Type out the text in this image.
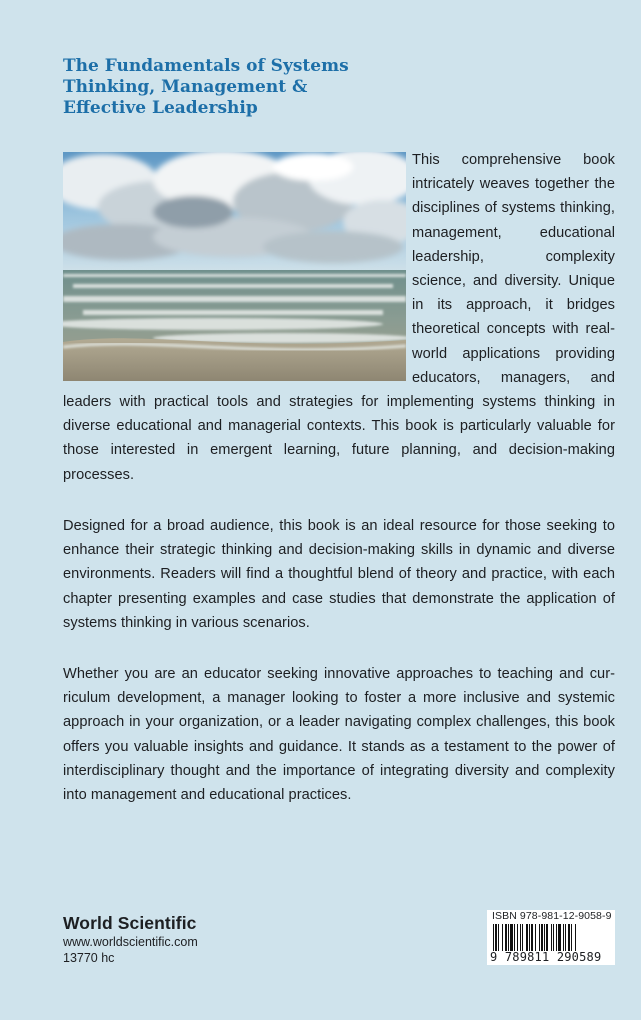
The Fundamentals of Systems
Thinking, Management &
Effective Leadership

This comprehensive book intricately weaves together the disciplines of systems thinking, management, educational leadership, complexity science, and diversity. Unique in its approach, it bridges theoretical concepts with real-world applications providing educators, managers, and leaders with practical tools and strategies for implementing systems thinking in diverse educational and managerial contexts. This book is particularly valuable for those interested in emergent learning, future planning, and decision-making processes.

Designed for a broad audience, this book is an ideal resource for those seeking to enhance their strategic thinking and decision-making skills in dynamic and diverse environments. Readers will find a thoughtful blend of theory and practice, with each chapter presenting examples and case studies that demonstrate the application of systems thinking in various scenarios.

Whether you are an educator seeking innovative approaches to teaching and curriculum development, a manager looking to foster a more inclusive and systemic approach in your organization, or a leader navigating complex challenges, this book offers you valuable insights and guidance. It stands as a testament to the power of interdisciplinary thought and the importance of integrating diversity and complexity into management and educational practices.

World Scientific
www.worldscientific.com
13770 hc
ISBN 978-981-12-9058-9
9 789811 290589
